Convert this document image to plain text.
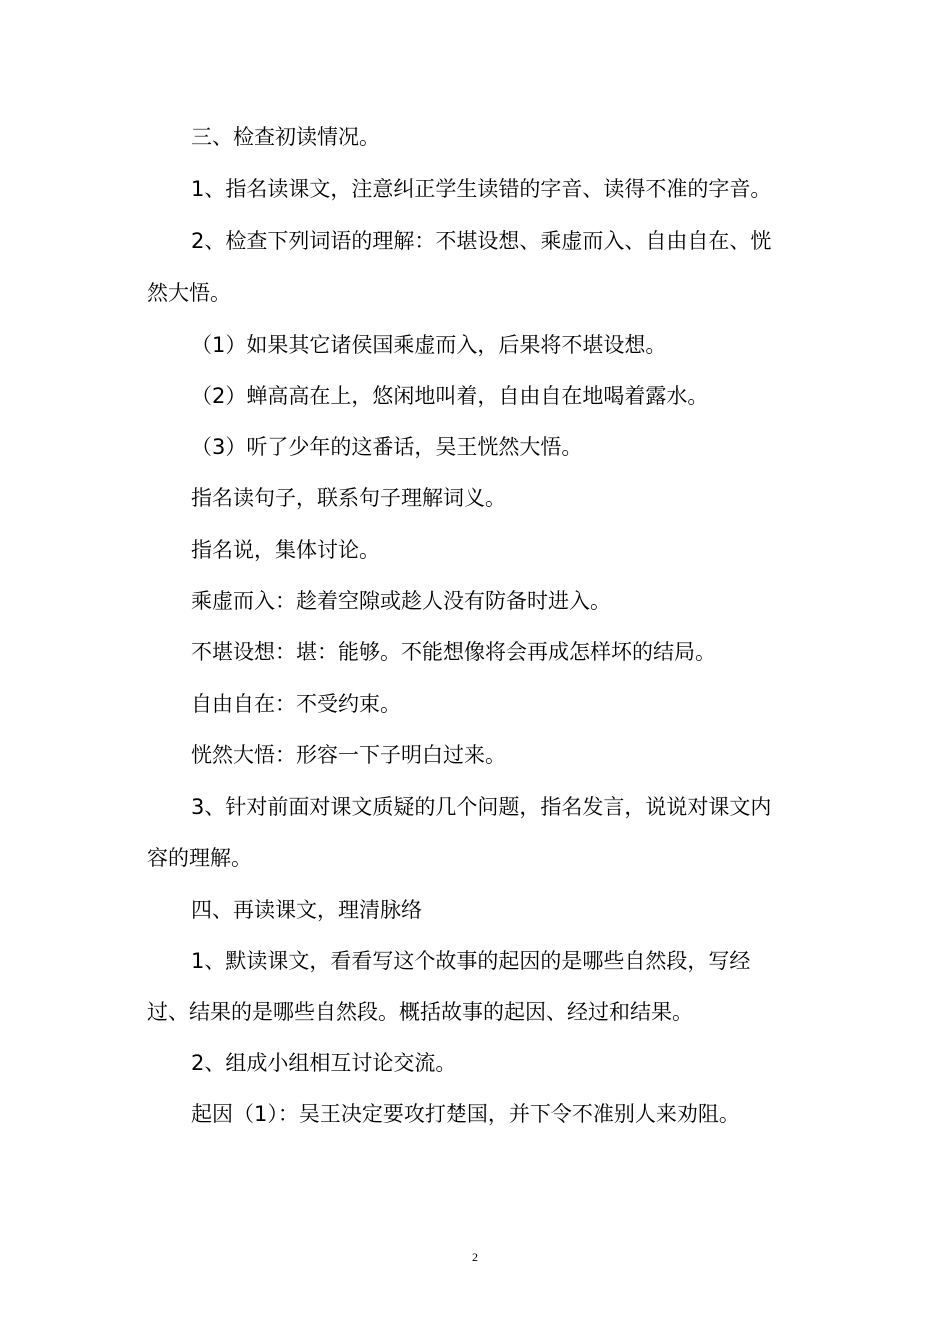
三、检查初读情况。
1、指名读课文，注意纠正学生读错的字音、读得不准的字音。
2、检查下列词语的理解：不堪设想、乘虚而入、自由自在、恍
然大悟。
（1）如果其它诸侯国乘虚而入，后果将不堪设想。
（2）蝉高高在上，悠闲地叫着，自由自在地喝着露水。
（3）听了少年的这番话，吴王恍然大悟。
指名读句子，联系句子理解词义。
指名说，集体讨论。
乘虚而入：趁着空隙或趁人没有防备时进入。
不堪设想：堪：能够。不能想像将会再成怎样坏的结局。
自由自在：不受约束。
恍然大悟：形容一下子明白过来。
3、针对前面对课文质疑的几个问题，指名发言，说说对课文内
容的理解。
四、再读课文，理清脉络
1、默读课文，看看写这个故事的起因的是哪些自然段，写经
过、结果的是哪些自然段。概括故事的起因、经过和结果。
2、组成小组相互讨论交流。
起因（1）：吴王决定要攻打楚国，并下令不准别人来劝阻。
2
